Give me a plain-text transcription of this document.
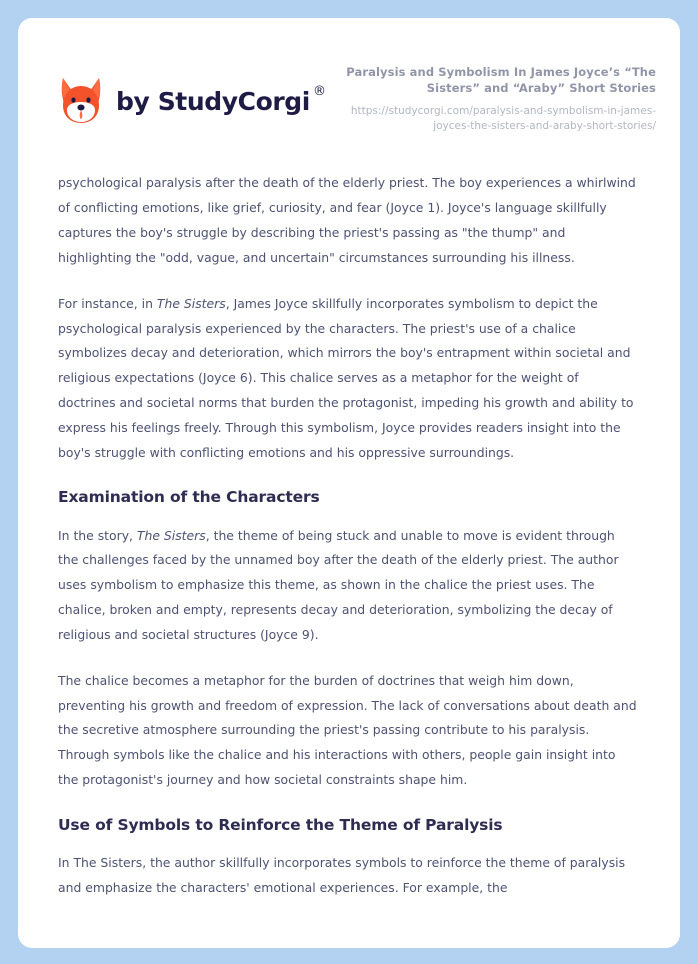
by StudyCorgi ®

Paralysis and Symbolism In James Joyce’s “The Sisters” and “Araby” Short Stories

https://studycorgi.com/paralysis-and-symbolism-in-james-joyces-the-sisters-and-araby-short-stories/

psychological paralysis after the death of the elderly priest. The boy experiences a whirlwind of conflicting emotions, like grief, curiosity, and fear (Joyce 1). Joyce's language skillfully captures the boy's struggle by describing the priest's passing as "the thump" and highlighting the "odd, vague, and uncertain" circumstances surrounding his illness.

For instance, in The Sisters, James Joyce skillfully incorporates symbolism to depict the psychological paralysis experienced by the characters. The priest's use of a chalice symbolizes decay and deterioration, which mirrors the boy's entrapment within societal and religious expectations (Joyce 6). This chalice serves as a metaphor for the weight of doctrines and societal norms that burden the protagonist, impeding his growth and ability to express his feelings freely. Through this symbolism, Joyce provides readers insight into the boy's struggle with conflicting emotions and his oppressive surroundings.

Examination of the Characters

In the story, The Sisters, the theme of being stuck and unable to move is evident through the challenges faced by the unnamed boy after the death of the elderly priest. The author uses symbolism to emphasize this theme, as shown in the chalice the priest uses. The chalice, broken and empty, represents decay and deterioration, symbolizing the decay of religious and societal structures (Joyce 9).

The chalice becomes a metaphor for the burden of doctrines that weigh him down, preventing his growth and freedom of expression. The lack of conversations about death and the secretive atmosphere surrounding the priest's passing contribute to his paralysis. Through symbols like the chalice and his interactions with others, people gain insight into the protagonist's journey and how societal constraints shape him.

Use of Symbols to Reinforce the Theme of Paralysis

In The Sisters, the author skillfully incorporates symbols to reinforce the theme of paralysis and emphasize the characters' emotional experiences. For example, the
